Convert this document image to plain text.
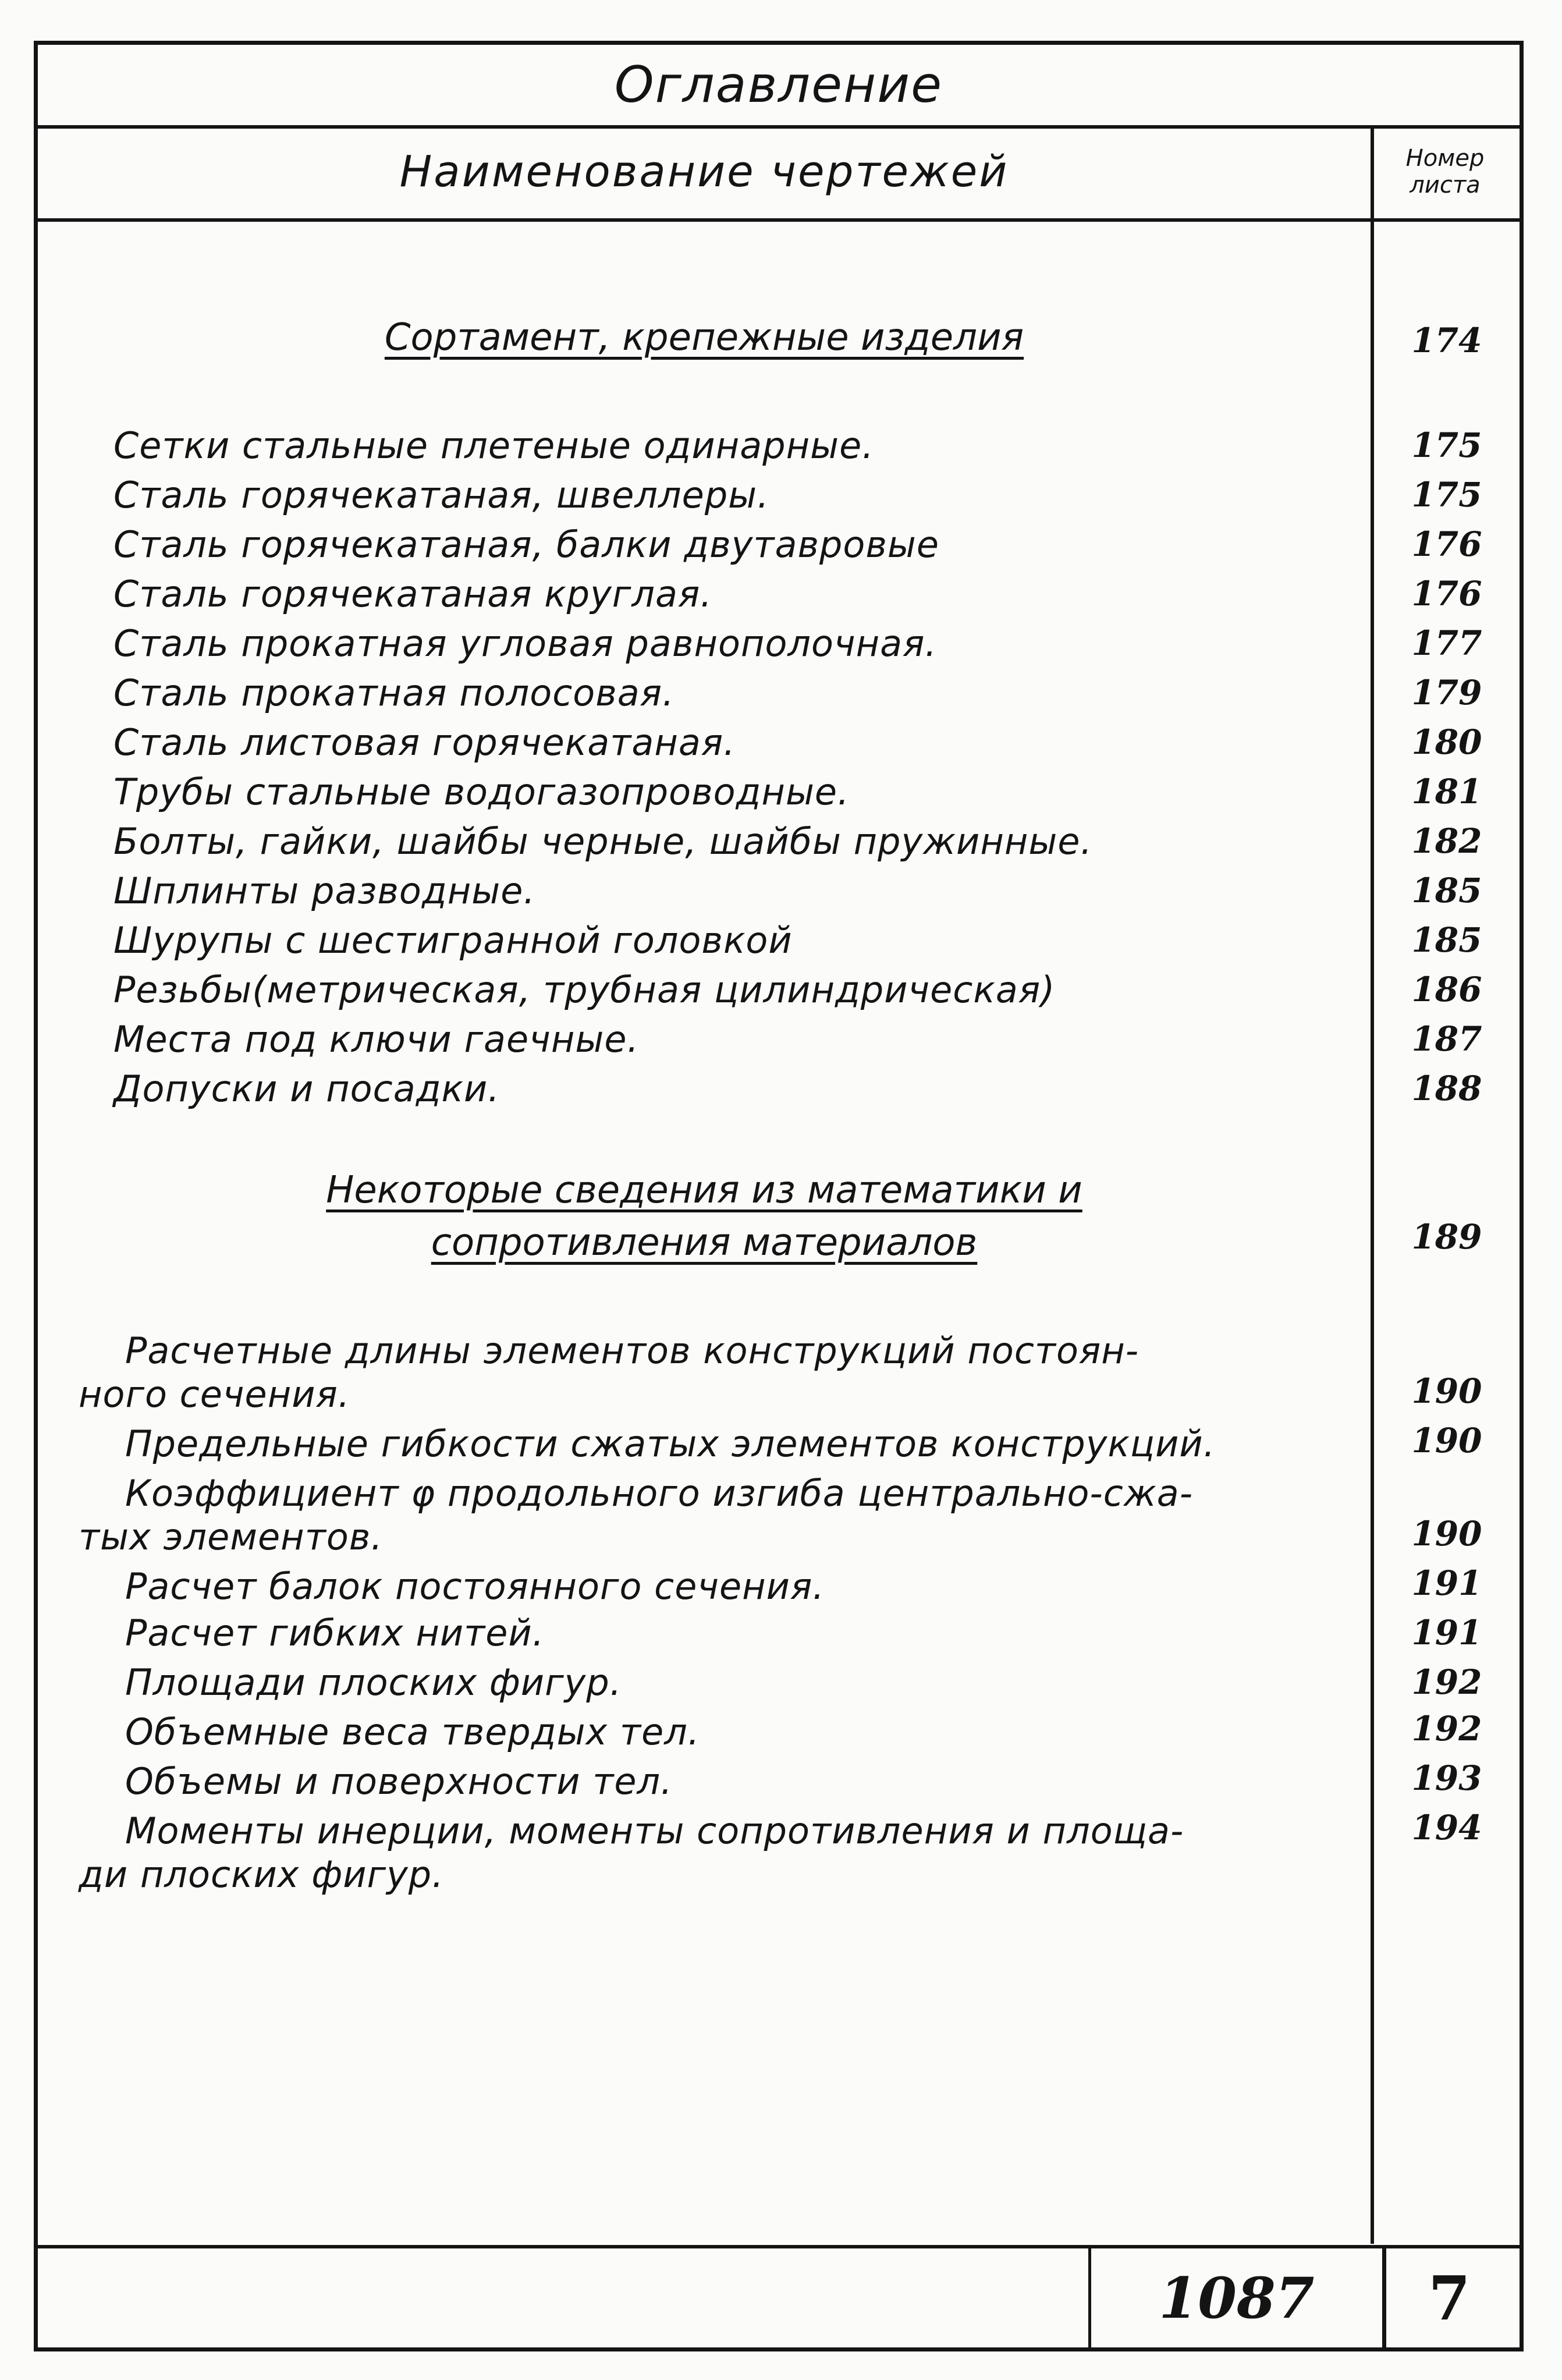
Оглавление
Наименование чертежей	Номер
листа
Сортамент, крепежные изделия
Сетки стальные плетеные одинарные.
Сталь горячекатаная, швеллеры.
Сталь горячекатаная, балки двутавровые
Сталь горячекатаная круглая.
Сталь прокатная угловая равнополочная.
Сталь прокатная полосовая.
Сталь листовая горячекатаная.
Трубы стальные водогазопроводные.
Болты, гайки, шайбы черные, шайбы пружинные.
Шплинты разводные.
Шурупы с шестигранной головкой
Резьбы(метрическая, трубная цилиндрическая)
Места под ключи гаечные.
Допуски и посадки.
Некоторые сведения из математики и
сопротивления материалов
Расчетные длины элементов конструкций постоян-
ного сечения.
Предельные гибкости сжатых элементов конструкций.
Коэффициент φ продольного изгиба центрально-сжа-
тых элементов.
Расчет балок постоянного сечения.
Расчет гибких нитей.
Площади плоских фигур.
Объемные веса твердых тел.
Объемы и поверхности тел.
Моменты инерции, моменты сопротивления и площа-
ди плоских фигур.
174
175
175
176
176
177
179
180
181
182
185
185
186
187
188
189
190
190
190
191
191
192
192
193
194
1087	7
